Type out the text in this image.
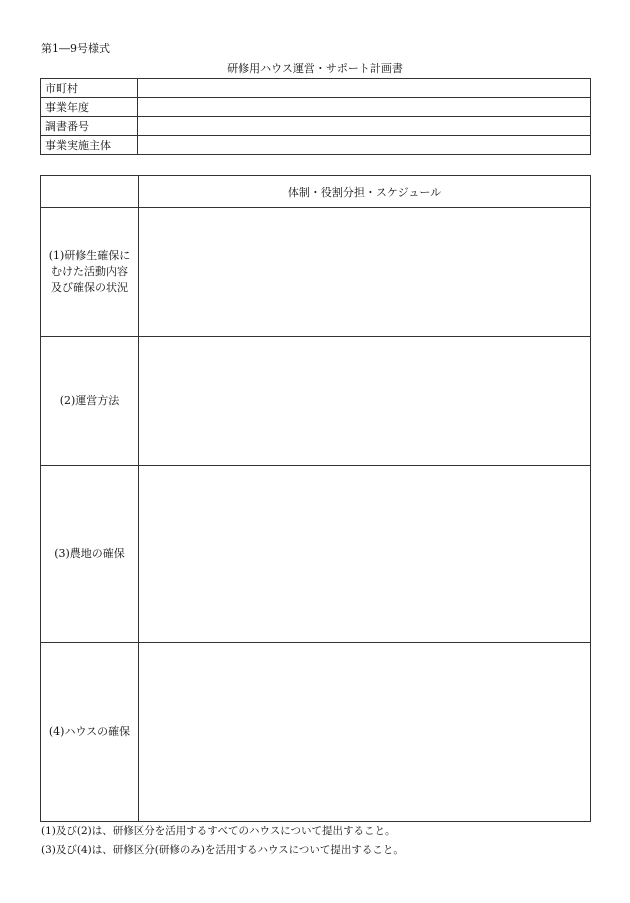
第1―9号様式
研修用ハウス運営・サポート計画書
市町村	
事業年度	
調書番号	
事業実施主体	
	体制・役割分担・スケジュール
(1)研修生確保にむけた活動内容及び確保の状況	
(2)運営方法	
(3)農地の確保	
(4)ハウスの確保	
(1)及び(2)は、研修区分を活用するすべてのハウスについて提出すること。
(3)及び(4)は、研修区分(研修のみ)を活用するハウスについて提出すること。
